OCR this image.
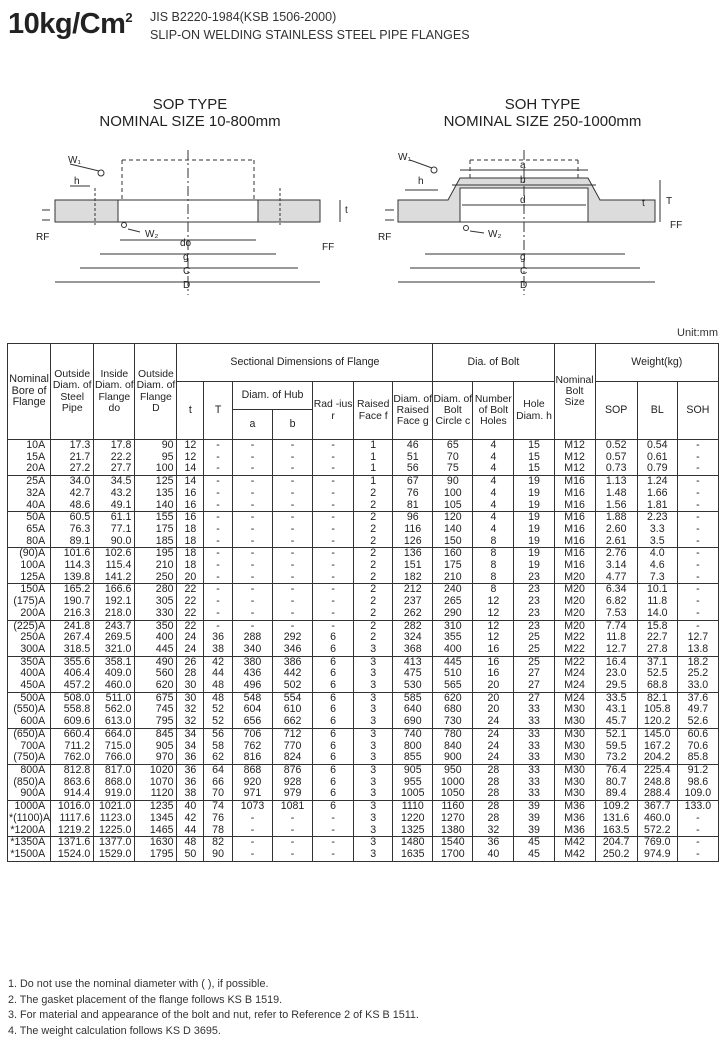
10kg/Cm$^2$ JIS B2220-1984(KSB 1506-2000)
SLIP-ON WELDING STAINLESS STEEL PIPE FLANGES
SOP TYPE
NOMINAL SIZE 10-800mm
SOH TYPE
NOMINAL SIZE 250-1000mm
W₁
h
t
RF	W₂
do
g
C
D
FF
W₁
h
a
b
d	t T
RF	W₂
g
C
D
FF
Unit:mm
Nominal Bore of Flange	Outside Diam. of Steel Pipe	Inside Diam. of Flange do	Outside Diam. of Flange D	Sectional Dimensions of Flange							Dia. of Bolt			Nominal Bolt Size	Weight(kg)		
				t	T	Diam. of Hub		Rad -ius r	Raised Face f	Diam. of Raised Face g	Diam. of Bolt Circle c	Number of Bolt Holes	Hole Diam. h		SOP	BL	SOH
						a	b										
10A	17.3	17.8	90	12	-	-	-	-	1	46	65	4	15	M12	0.52	0.54	-
15A	21.7	22.2	95	12	-	-	-	-	1	51	70	4	15	M12	0.57	0.61	-
20A	27.2	27.7	100	14	-	-	-	-	1	56	75	4	15	M12	0.73	0.79	-
25A	34.0	34.5	125	14	-	-	-	-	1	67	90	4	19	M16	1.13	1.24	-
32A	42.7	43.2	135	16	-	-	-	-	2	76	100	4	19	M16	1.48	1.66	-
40A	48.6	49.1	140	16	-	-	-	-	2	81	105	4	19	M16	1.56	1.81	-
50A	60.5	61.1	155	16	-	-	-	-	2	96	120	4	19	M16	1.88	2.23	-
65A	76.3	77.1	175	18	-	-	-	-	2	116	140	4	19	M16	2.60	3.3	-
80A	89.1	90.0	185	18	-	-	-	-	2	126	150	8	19	M16	2.61	3.5	-
(90)A	101.6	102.6	195	18	-	-	-	-	2	136	160	8	19	M16	2.76	4.0	-
100A	114.3	115.4	210	18	-	-	-	-	2	151	175	8	19	M16	3.14	4.6	-
125A	139.8	141.2	250	20	-	-	-	-	2	182	210	8	23	M20	4.77	7.3	-
150A	165.2	166.6	280	22	-	-	-	-	2	212	240	8	23	M20	6.34	10.1	-
(175)A	190.7	192.1	305	22	-	-	-	-	2	237	265	12	23	M20	6.82	11.8	-
200A	216.3	218.0	330	22	-	-	-	-	2	262	290	12	23	M20	7.53	14.0	-
(225)A	241.8	243.7	350	22	-	-	-	-	2	282	310	12	23	M20	7.74	15.8	-
250A	267.4	269.5	400	24	36	288	292	6	2	324	355	12	25	M22	11.8	22.7	12.7
300A	318.5	321.0	445	24	38	340	346	6	3	368	400	16	25	M22	12.7	27.8	13.8
350A	355.6	358.1	490	26	42	380	386	6	3	413	445	16	25	M22	16.4	37.1	18.2
400A	406.4	409.0	560	28	44	436	442	6	3	475	510	16	27	M24	23.0	52.5	25.2
450A	457.2	460.0	620	30	48	496	502	6	3	530	565	20	27	M24	29.5	68.8	33.0
500A	508.0	511.0	675	30	48	548	554	6	3	585	620	20	27	M24	33.5	82.1	37.6
(550)A	558.8	562.0	745	32	52	604	610	6	3	640	680	20	33	M30	43.1	105.8	49.7
600A	609.6	613.0	795	32	52	656	662	6	3	690	730	24	33	M30	45.7	120.2	52.6
(650)A	660.4	664.0	845	34	56	706	712	6	3	740	780	24	33	M30	52.1	145.0	60.6
700A	711.2	715.0	905	34	58	762	770	6	3	800	840	24	33	M30	59.5	167.2	70.6
(750)A	762.0	766.0	970	36	62	816	824	6	3	855	900	24	33	M30	73.2	204.2	85.8
800A	812.8	817.0	1020	36	64	868	876	6	3	905	950	28	33	M30	76.4	225.4	91.2
(850)A	863.6	868.0	1070	36	66	920	928	6	3	955	1000	28	33	M30	80.7	248.8	98.6
900A	914.4	919.0	1120	38	70	971	979	6	3	1005	1050	28	33	M30	89.4	288.4	109.0
1000A	1016.0	1021.0	1235	40	74	1073	1081	6	3	1110	1160	28	39	M36	109.2	367.7	133.0
*(1100)A	1117.6	1123.0	1345	42	76	-	-	-	3	1220	1270	28	39	M36	131.6	460.0	-
*1200A	1219.2	1225.0	1465	44	78	-	-	-	3	1325	1380	32	39	M36	163.5	572.2	-
*1350A	1371.6	1377.0	1630	48	82	-	-	-	3	1480	1540	36	45	M42	204.7	769.0	-
*1500A	1524.0	1529.0	1795	50	90	-	-	-	3	1635	1700	40	45	M42	250.2	974.9	-
1. Do not use the nominal diameter with ( ), if possible.
2. The gasket placement of the flange follows KS B 1519.
3. For material and appearance of the bolt and nut, refer to Reference 2 of KS B 1511.
4. The weight calculation follows KS D 3695.
